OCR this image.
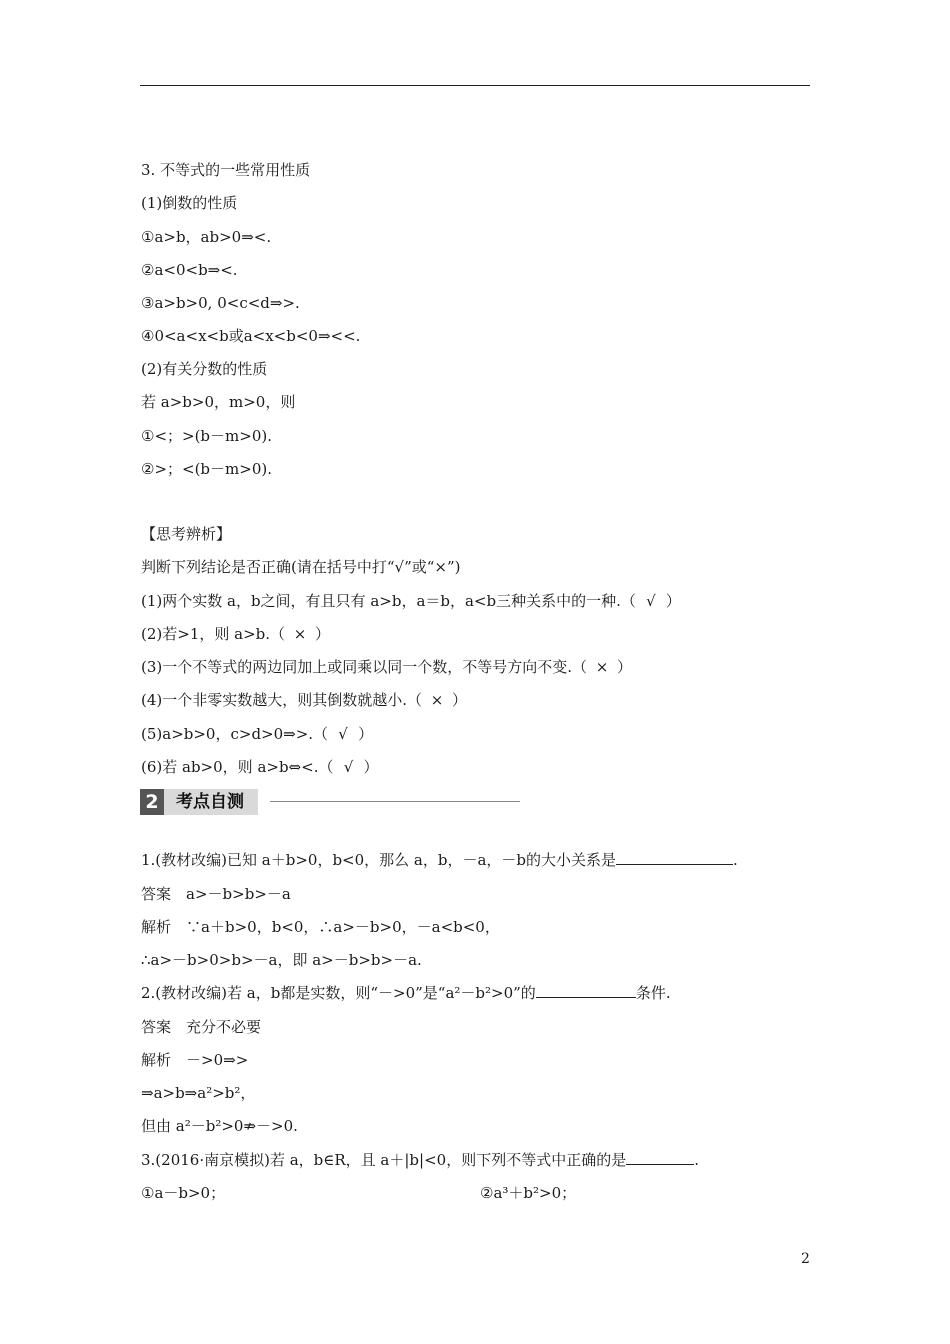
3. 不等式的一些常用性质
(1)倒数的性质
①a>b，ab>0⇒<.
②a<0<b⇒<.
③a>b>0, 0<c<d⇒>.
④0<a<x<b或a<x<b<0⇒<<.
(2)有关分数的性质
若 a>b>0，m>0，则
①<；>(b－m>0).
②>；<(b－m>0).
【思考辨析】
判断下列结论是否正确(请在括号中打“√”或“×”)
(1)两个实数 a，b之间，有且只有 a>b，a＝b，a<b三种关系中的一种.（ √ ）
(2)若>1，则 a>b.（ × ）
(3)一个不等式的两边同加上或同乘以同一个数，不等号方向不变.（ × ）
(4)一个非零实数越大，则其倒数就越小.（ × ）
(5)a>b>0，c>d>0⇒>.（ √ ）
(6)若 ab>0，则 a>b⇔<.（ √ ）
2	考点自测
1.(教材改编)已知 a＋b>0，b<0，那么 a，b，－a，－b的大小关系是	.
答案　 a>－b>b>－a
解析　 ∵a＋b>0，b<0，∴a>－b>0，－a<b<0，
∴a>－b>0>b>－a，即 a>－b>b>－a.
2.(教材改编)若 a，b都是实数，则“－>0”是“a²－b²>0”的	条件.
答案　 充分不必要
解析　 －>0⇒>
⇒a>b⇒a²>b²，
但由 a²－b²>0⇏－>0.
3.(2016·南京模拟)若 a，b∈R，且 a＋|b|<0，则下列不等式中正确的是	.
①a－b>0；	②a³＋b²>0；
2
